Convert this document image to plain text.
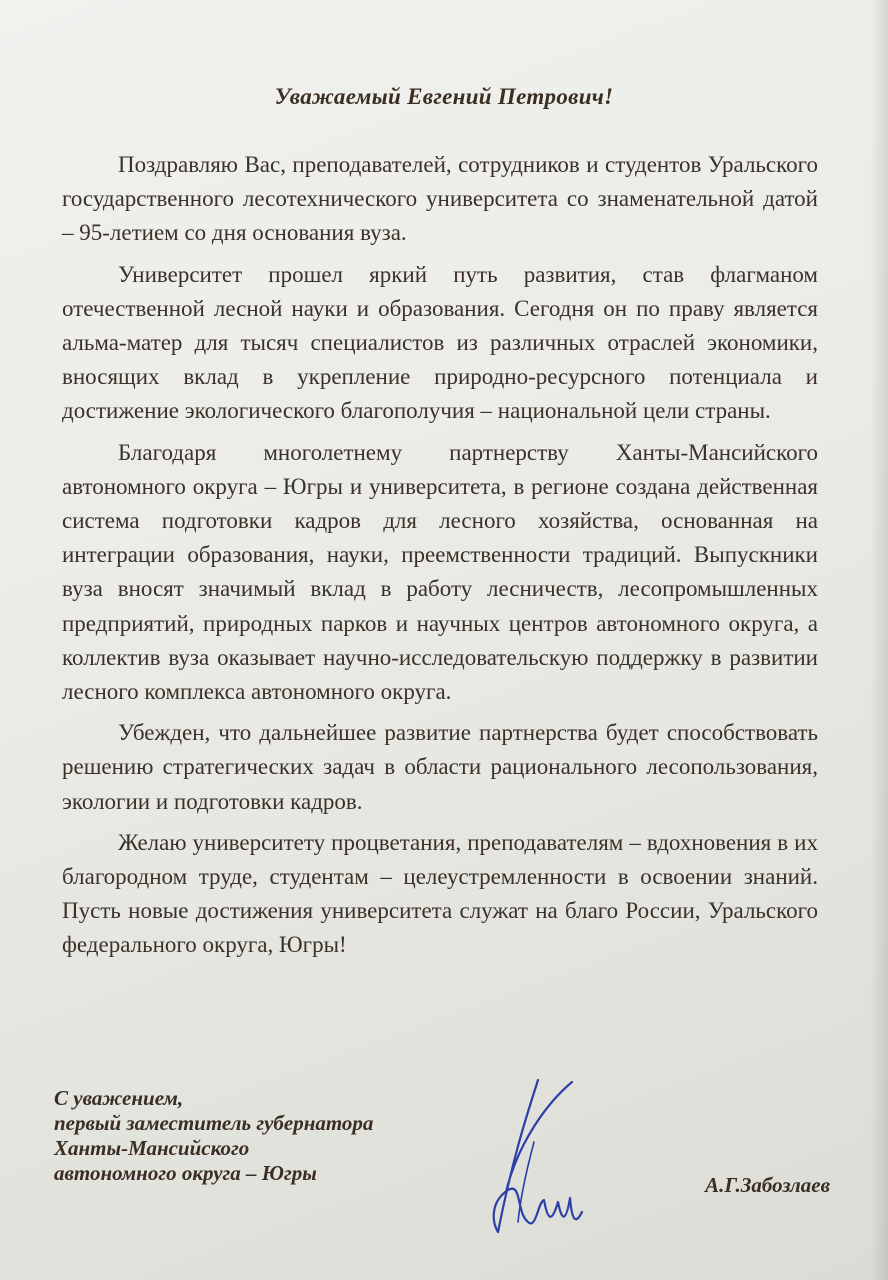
Уважаемый Евгений Петрович!

Поздравляю Вас, преподавателей, сотрудников и студентов Уральского государственного лесотехнического университета со знаменательной датой – 95-летием со дня основания вуза.

Университет прошел яркий путь развития, став флагманом отечественной лесной науки и образования. Сегодня он по праву является альма-матер для тысяч специалистов из различных отраслей экономики, вносящих вклад в укрепление природно-ресурсного потенциала и достижение экологического благополучия – национальной цели страны.

Благодаря многолетнему партнерству Ханты-Мансийского автономного округа – Югры и университета, в регионе создана действенная система подготовки кадров для лесного хозяйства, основанная на интеграции образования, науки, преемственности традиций. Выпускники вуза вносят значимый вклад в работу лесничеств, лесопромышленных предприятий, природных парков и научных центров автономного округа, а коллектив вуза оказывает научно-исследовательскую поддержку в развитии лесного комплекса автономного округа.

Убежден, что дальнейшее развитие партнерства будет способствовать решению стратегических задач в области рационального лесопользования, экологии и подготовки кадров.

Желаю университету процветания, преподавателям – вдохновения в их благородном труде, студентам – целеустремленности в освоении знаний. Пусть новые достижения университета служат на благо России, Уральского федерального округа, Югры!

С уважением,
первый заместитель губернатора
Ханты-Мансийского
автономного округа – Югры	А.Г.Забозлаев
